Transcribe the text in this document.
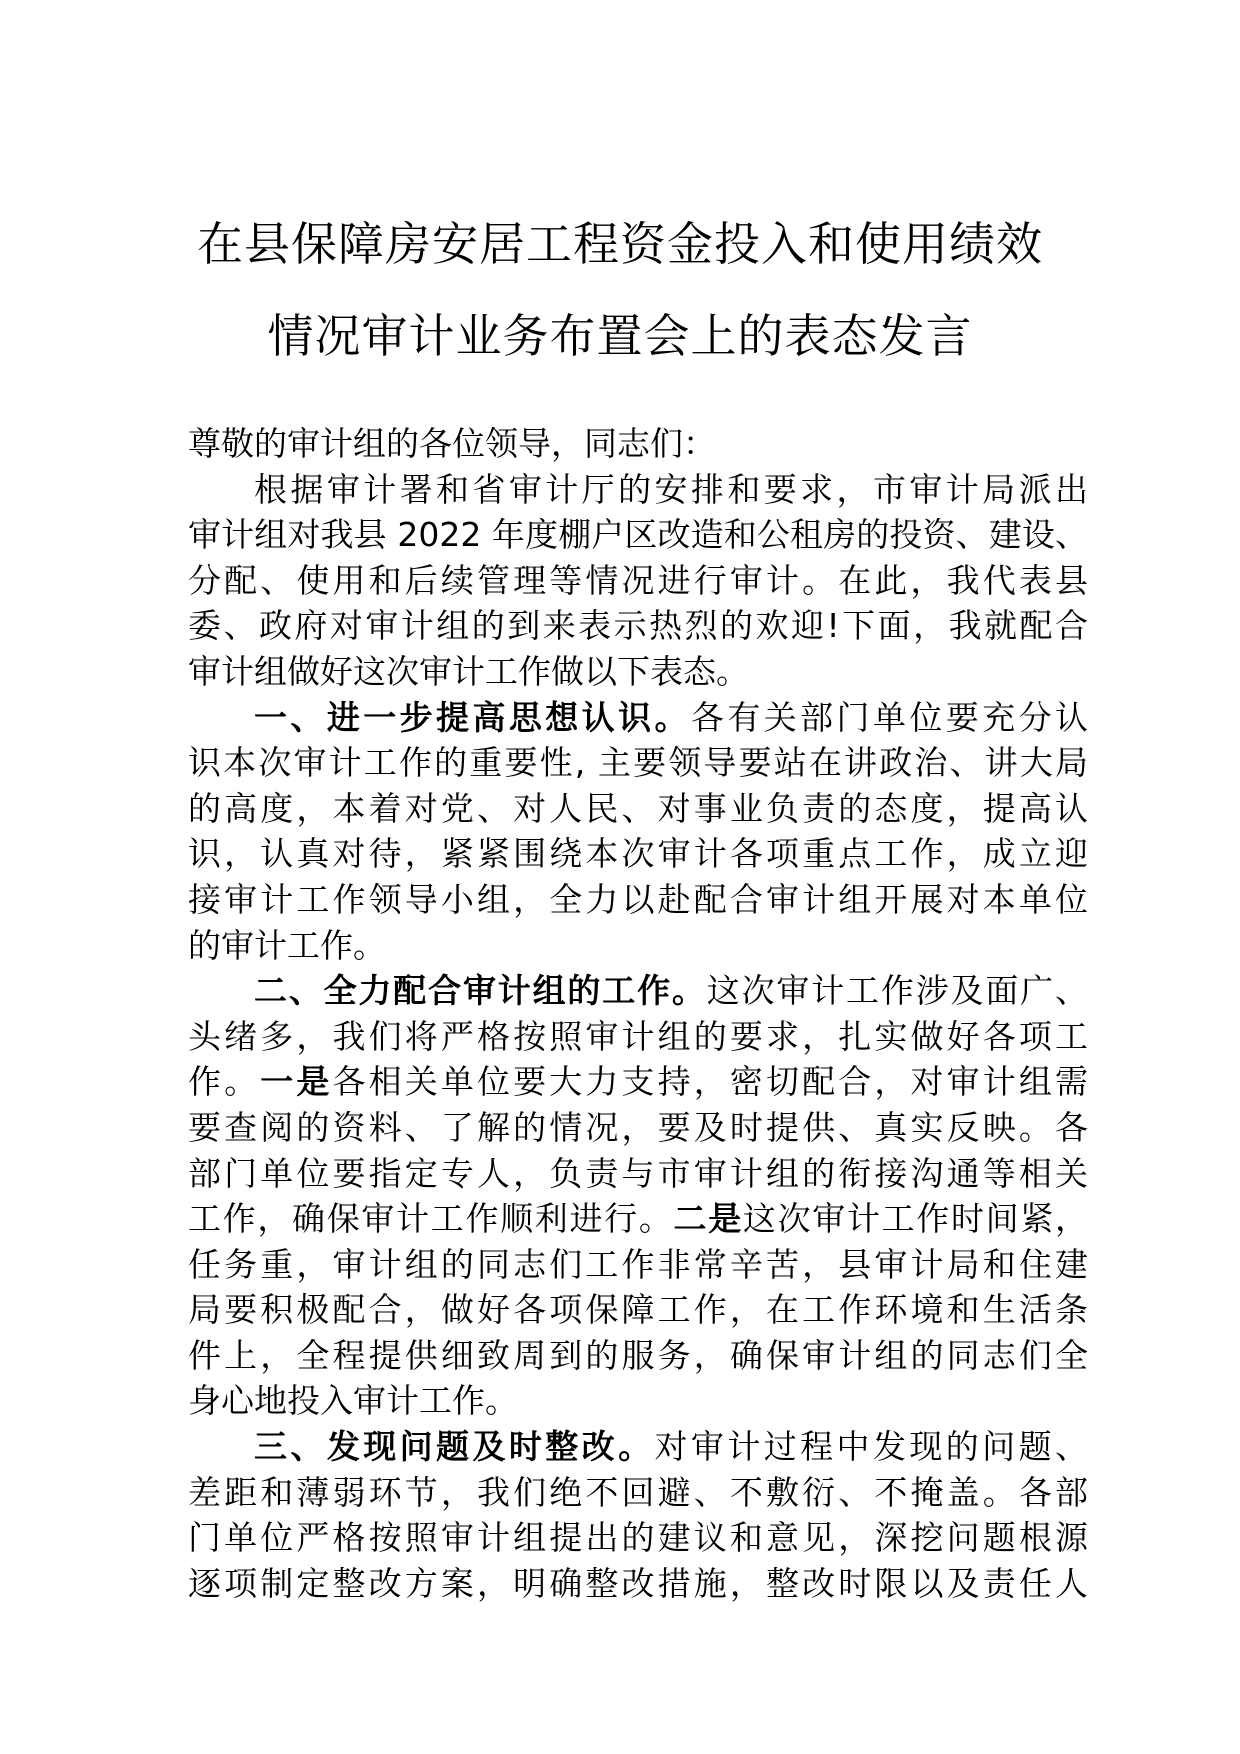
在县保障房安居工程资金投入和使用绩效
情况审计业务布置会上的表态发言
尊敬的审计组的各位领导，同志们：
根据审计署和省审计厅的安排和要求，市审计局派出
审计组对我县 2022 年度棚户区改造和公租房的投资、建设、
分配、使用和后续管理等情况进行审计。在此，我代表县
委、政府对审计组的到来表示热烈的欢迎!下面，我就配合
审计组做好这次审计工作做以下表态。
一、进一步提高思想认识。各有关部门单位要充分认
识本次审计工作的重要性, 主要领导要站在讲政治、讲大局
的高度，本着对党、对人民、对事业负责的态度，提高认
识，认真对待，紧紧围绕本次审计各项重点工作，成立迎
接审计工作领导小组，全力以赴配合审计组开展对本单位
的审计工作。
二、全力配合审计组的工作。这次审计工作涉及面广、
头绪多，我们将严格按照审计组的要求，扎实做好各项工
作。一是各相关单位要大力支持，密切配合，对审计组需
要查阅的资料、了解的情况，要及时提供、真实反映。各
部门单位要指定专人，负责与市审计组的衔接沟通等相关
工作，确保审计工作顺利进行。二是这次审计工作时间紧，
任务重，审计组的同志们工作非常辛苦，县审计局和住建
局要积极配合，做好各项保障工作，在工作环境和生活条
件上，全程提供细致周到的服务，确保审计组的同志们全
身心地投入审计工作。
三、发现问题及时整改。对审计过程中发现的问题、
差距和薄弱环节，我们绝不回避、不敷衍、不掩盖。各部
门单位严格按照审计组提出的建议和意见，深挖问题根源
逐项制定整改方案，明确整改措施，整改时限以及责任人
